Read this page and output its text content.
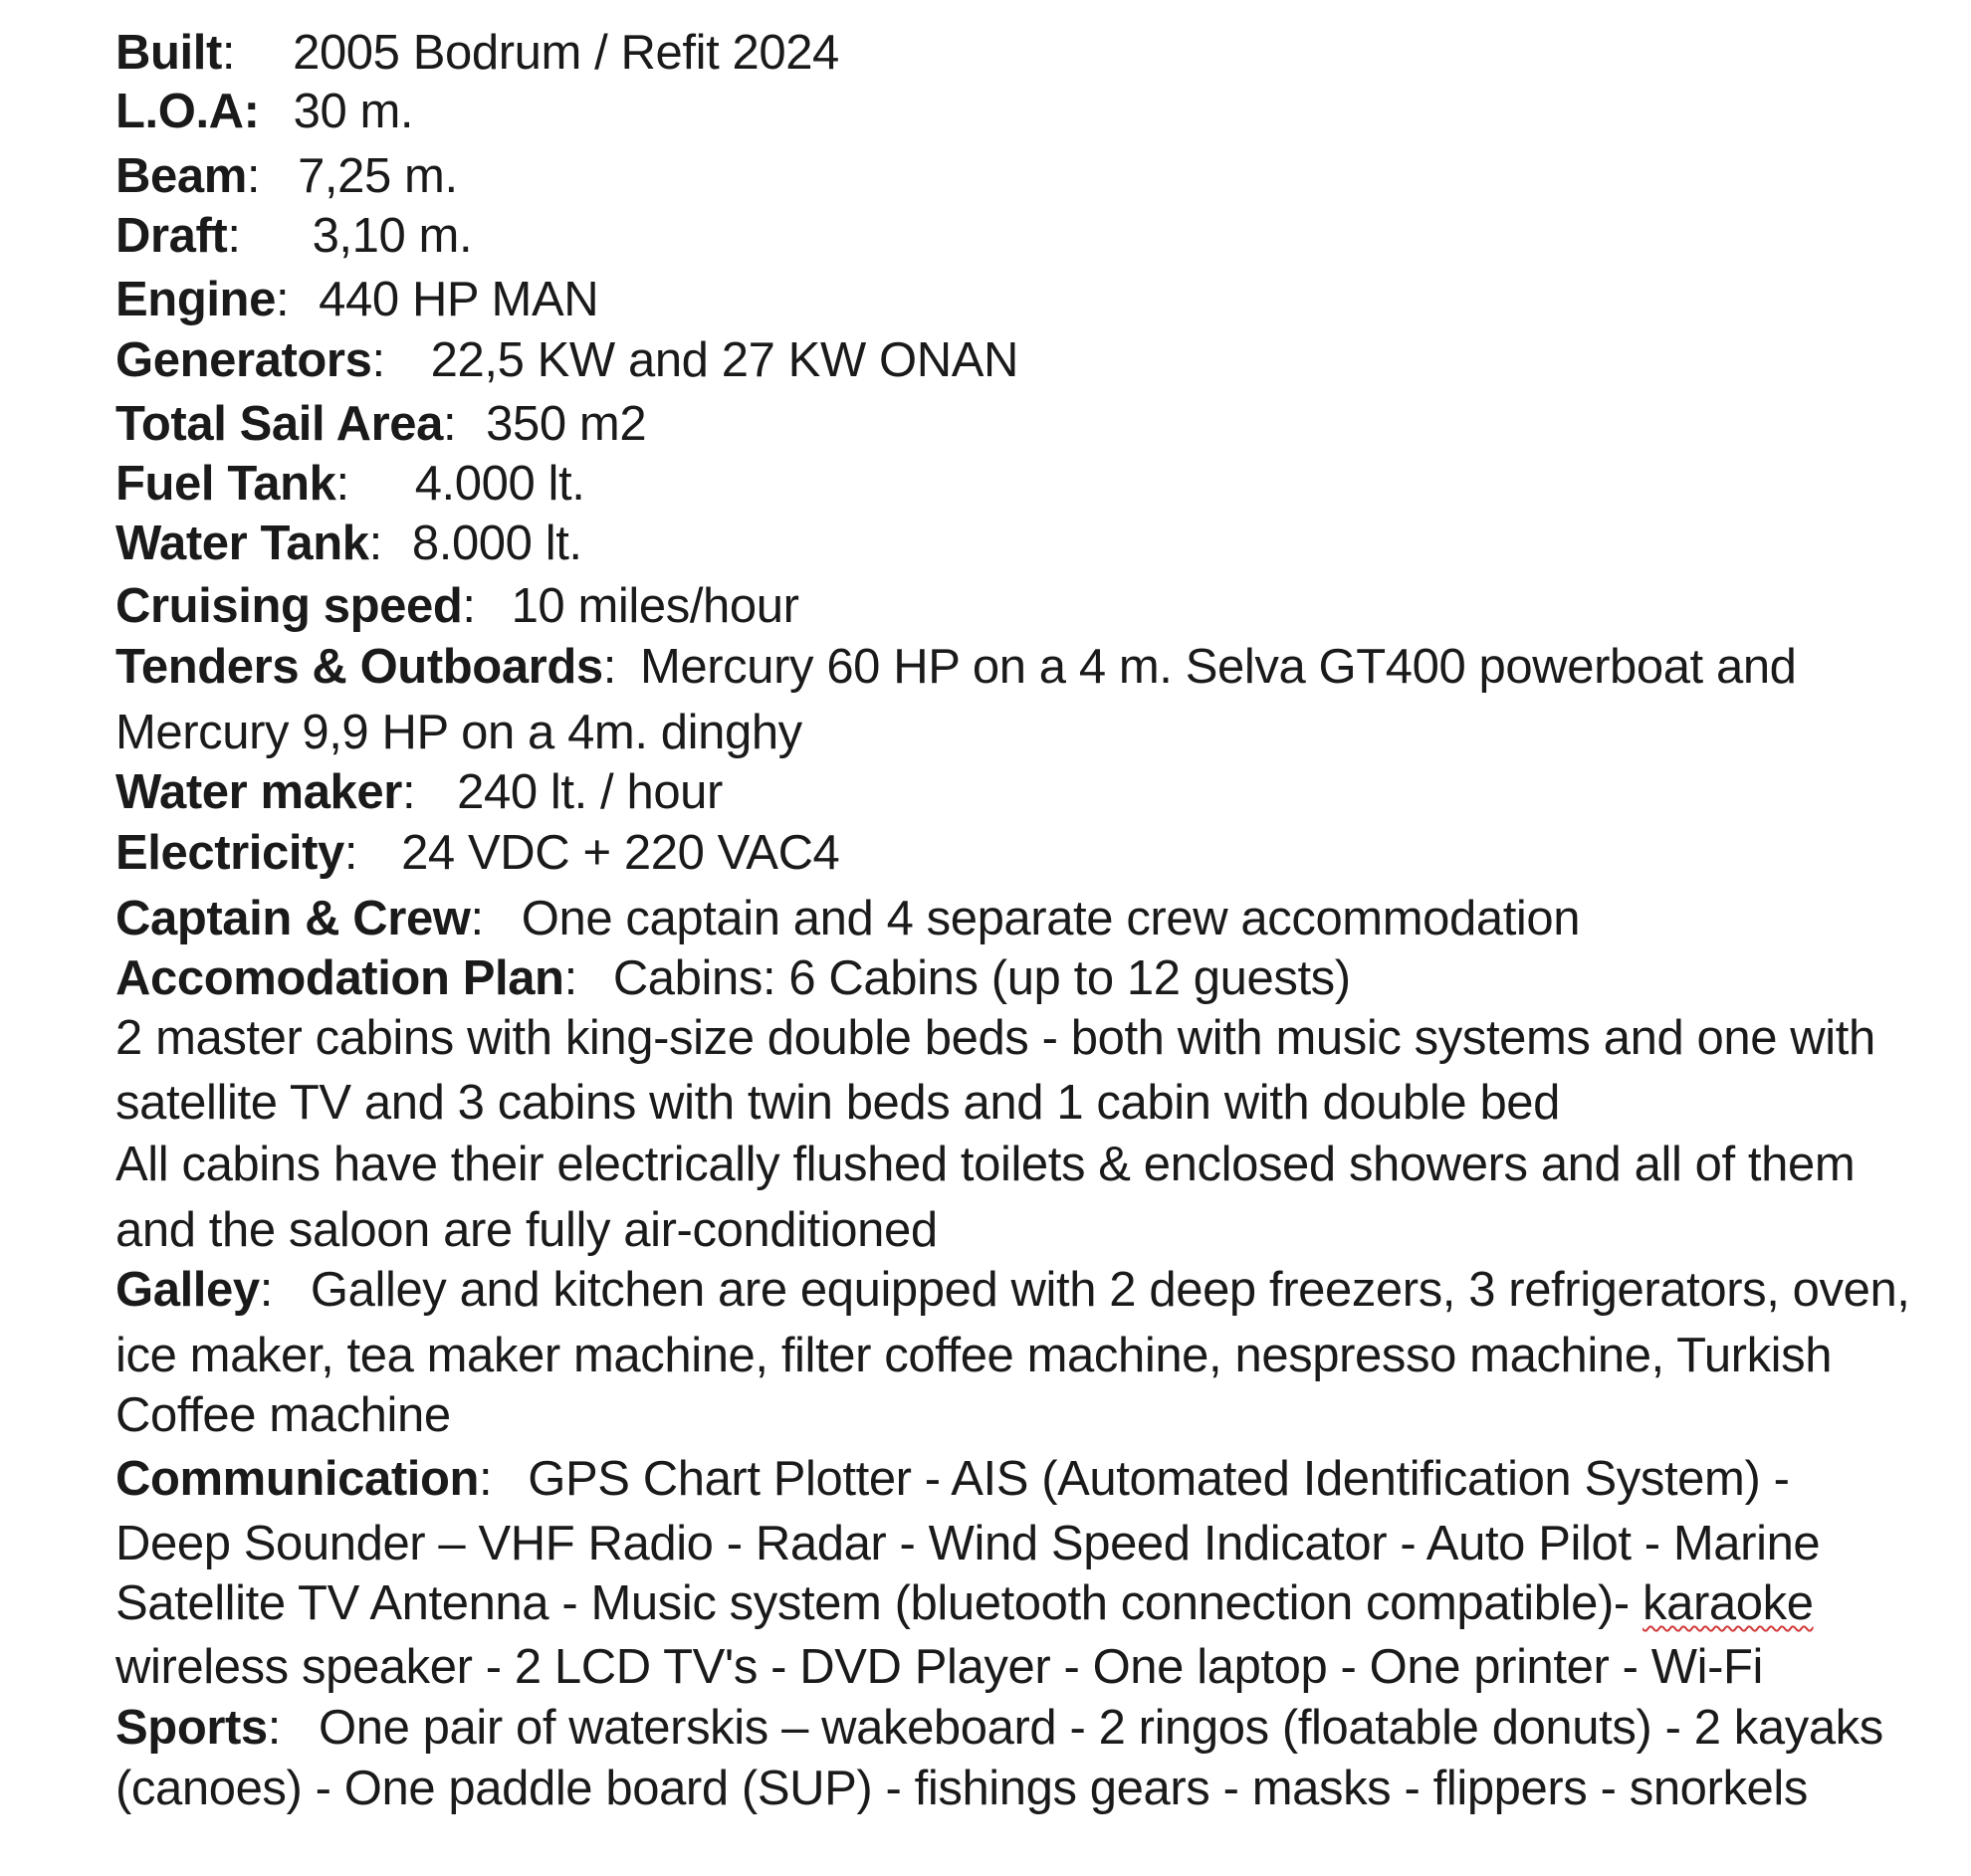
Built: 2005 Bodrum / Refit 2024
L.O.A: 30 m.
Beam: 7,25 m.
Draft: 3,10 m.
Engine: 440 HP MAN
Generators: 22,5 KW and 27 KW ONAN
Total Sail Area: 350 m2
Fuel Tank: 4.000 lt.
Water Tank: 8.000 lt.
Cruising speed: 10 miles/hour
Tenders & Outboards: Mercury 60 HP on a 4 m. Selva GT400 powerboat and
Mercury 9,9 HP on a 4m. dinghy
Water maker: 240 lt. / hour
Electricity: 24 VDC + 220 VAC4
Captain & Crew: One captain and 4 separate crew accommodation
Accomodation Plan: Cabins: 6 Cabins (up to 12 guests)
2 master cabins with king-size double beds - both with music systems and one with
satellite TV and 3 cabins with twin beds and 1 cabin with double bed
All cabins have their electrically flushed toilets & enclosed showers and all of them
and the saloon are fully air-conditioned
Galley: Galley and kitchen are equipped with 2 deep freezers, 3 refrigerators, oven,
ice maker, tea maker machine, filter coffee machine, nespresso machine, Turkish
Coffee machine
Communication: GPS Chart Plotter - AIS (Automated Identification System) -
Deep Sounder – VHF Radio - Radar - Wind Speed Indicator - Auto Pilot - Marine
Satellite TV Antenna - Music system (bluetooth connection compatible)- karaoke
wireless speaker - 2 LCD TV's - DVD Player - One laptop - One printer - Wi-Fi
Sports: One pair of waterskis – wakeboard - 2 ringos (floatable donuts) - 2 kayaks
(canoes) - One paddle board (SUP) - fishings gears - masks - flippers - snorkels
